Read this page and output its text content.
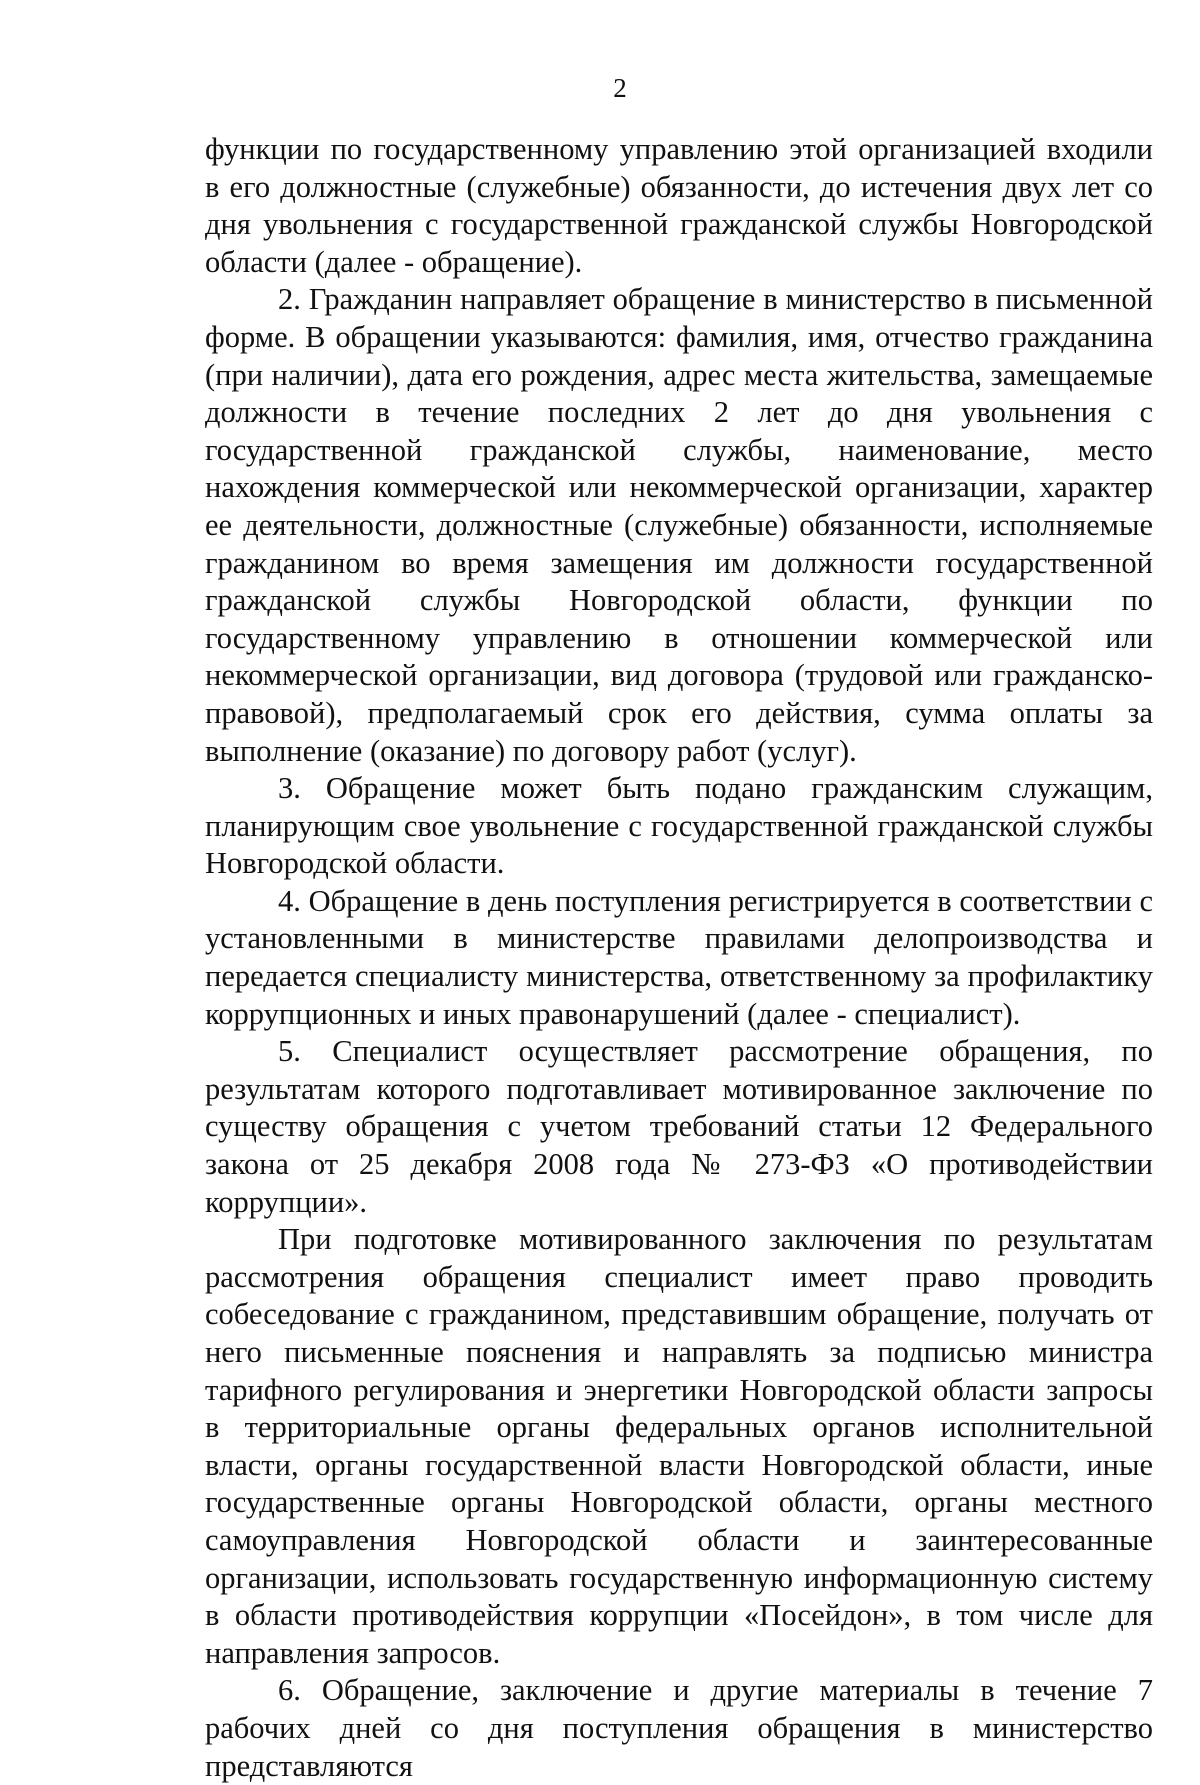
2

функции по государственному управлению этой организацией входили в его должностные (служебные) обязанности, до истечения двух лет со дня увольнения с государственной гражданской службы Новгородской области (далее - обращение).

2. Гражданин направляет обращение в министерство в письменной форме. В обращении указываются: фамилия, имя, отчество гражданина (при наличии), дата его рождения, адрес места жительства, замещаемые должности в течение последних 2 лет до дня увольнения с государственной гражданской службы, наименование, место нахождения коммерческой или некоммерческой организации, характер ее деятельности, должностные (служебные) обязанности, исполняемые гражданином во время замещения им должности государственной гражданской службы Новгородской области, функции по государственному управлению в отношении коммерческой или некоммерческой организации, вид договора (трудовой или гражданско-правовой), предполагаемый срок его действия, сумма оплаты за выполнение (оказание) по договору работ (услуг).

3. Обращение может быть подано гражданским служащим, планирующим свое увольнение с государственной гражданской службы Новгородской области.

4. Обращение в день поступления регистрируется в соответствии с установленными в министерстве правилами делопроизводства и передается специалисту министерства, ответственному за профилактику коррупционных и иных правонарушений (далее - специалист).

5. Специалист осуществляет рассмотрение обращения, по результатам которого подготавливает мотивированное заключение по существу обращения с учетом требований статьи 12 Федерального закона от 25 декабря 2008 года № 273-ФЗ «О противодействии коррупции».

При подготовке мотивированного заключения по результатам рассмотрения обращения специалист имеет право проводить собеседование с гражданином, представившим обращение, получать от него письменные пояснения и направлять за подписью министра тарифного регулирования и энергетики Новгородской области запросы в территориальные органы федеральных органов исполнительной власти, органы государственной власти Новгородской области, иные государственные органы Новгородской области, органы местного самоуправления Новгородской области и заинтересованные организации, использовать государственную информационную систему в области противодействия коррупции «Посейдон», в том числе для направления запросов.

6. Обращение, заключение и другие материалы в течение 7 рабочих дней со дня поступления обращения в министерство представляются
